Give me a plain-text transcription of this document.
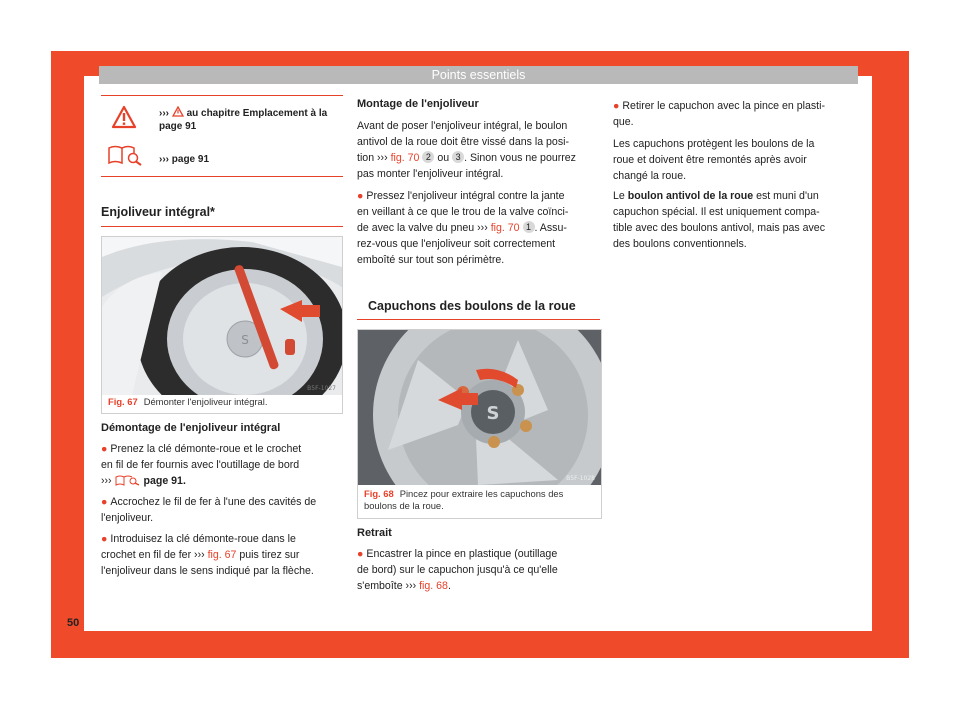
Points essentiels
››› au chapitre Emplacement à la
page 91
››› page 91
Enjoliveur intégral*
S
B5F-1027
Fig. 67 Démonter l'enjoliveur intégral.
Démontage de l'enjoliveur intégral
● Prenez la clé démonte-roue et le crochet
en fil de fer fournis avec l'outillage de bord
›››	page 91.
● Accrochez le fil de fer à l'une des cavités de
l'enjoliveur.
● Introduisez la clé démonte-roue dans le
crochet en fil de fer ››› fig. 67 puis tirez sur
l'enjoliveur dans le sens indiqué par la flèche.
Montage de l'enjoliveur
Avant de poser l'enjoliveur intégral, le boulon
antivol de la roue doit être vissé dans la posi-
tion ››› fig. 70 2 ou 3 . Sinon vous ne pourrez
pas monter l'enjoliveur intégral.
● Pressez l'enjoliveur intégral contre la jante
en veillant à ce que le trou de la valve coïnci-
de avec la valve du pneu ››› fig. 70 1 . Assu-
rez-vous que l'enjoliveur soit correctement
emboîté sur tout son périmètre.
Capuchons des boulons de la roue
S
B5F-1028
Fig. 68 Pincez pour extraire les capuchons des
boulons de la roue.
Retrait
● Encastrer la pince en plastique (outillage
de bord) sur le capuchon jusqu'à ce qu'elle
s'emboîte ››› fig. 68.
● Retirer le capuchon avec la pince en plasti-
que.
Les capuchons protègent les boulons de la
roue et doivent être remontés après avoir
changé la roue.
Le boulon antivol de la roue est muni d'un
capuchon spécial. Il est uniquement compa-
tible avec des boulons antivol, mais pas avec
des boulons conventionnels.
50
